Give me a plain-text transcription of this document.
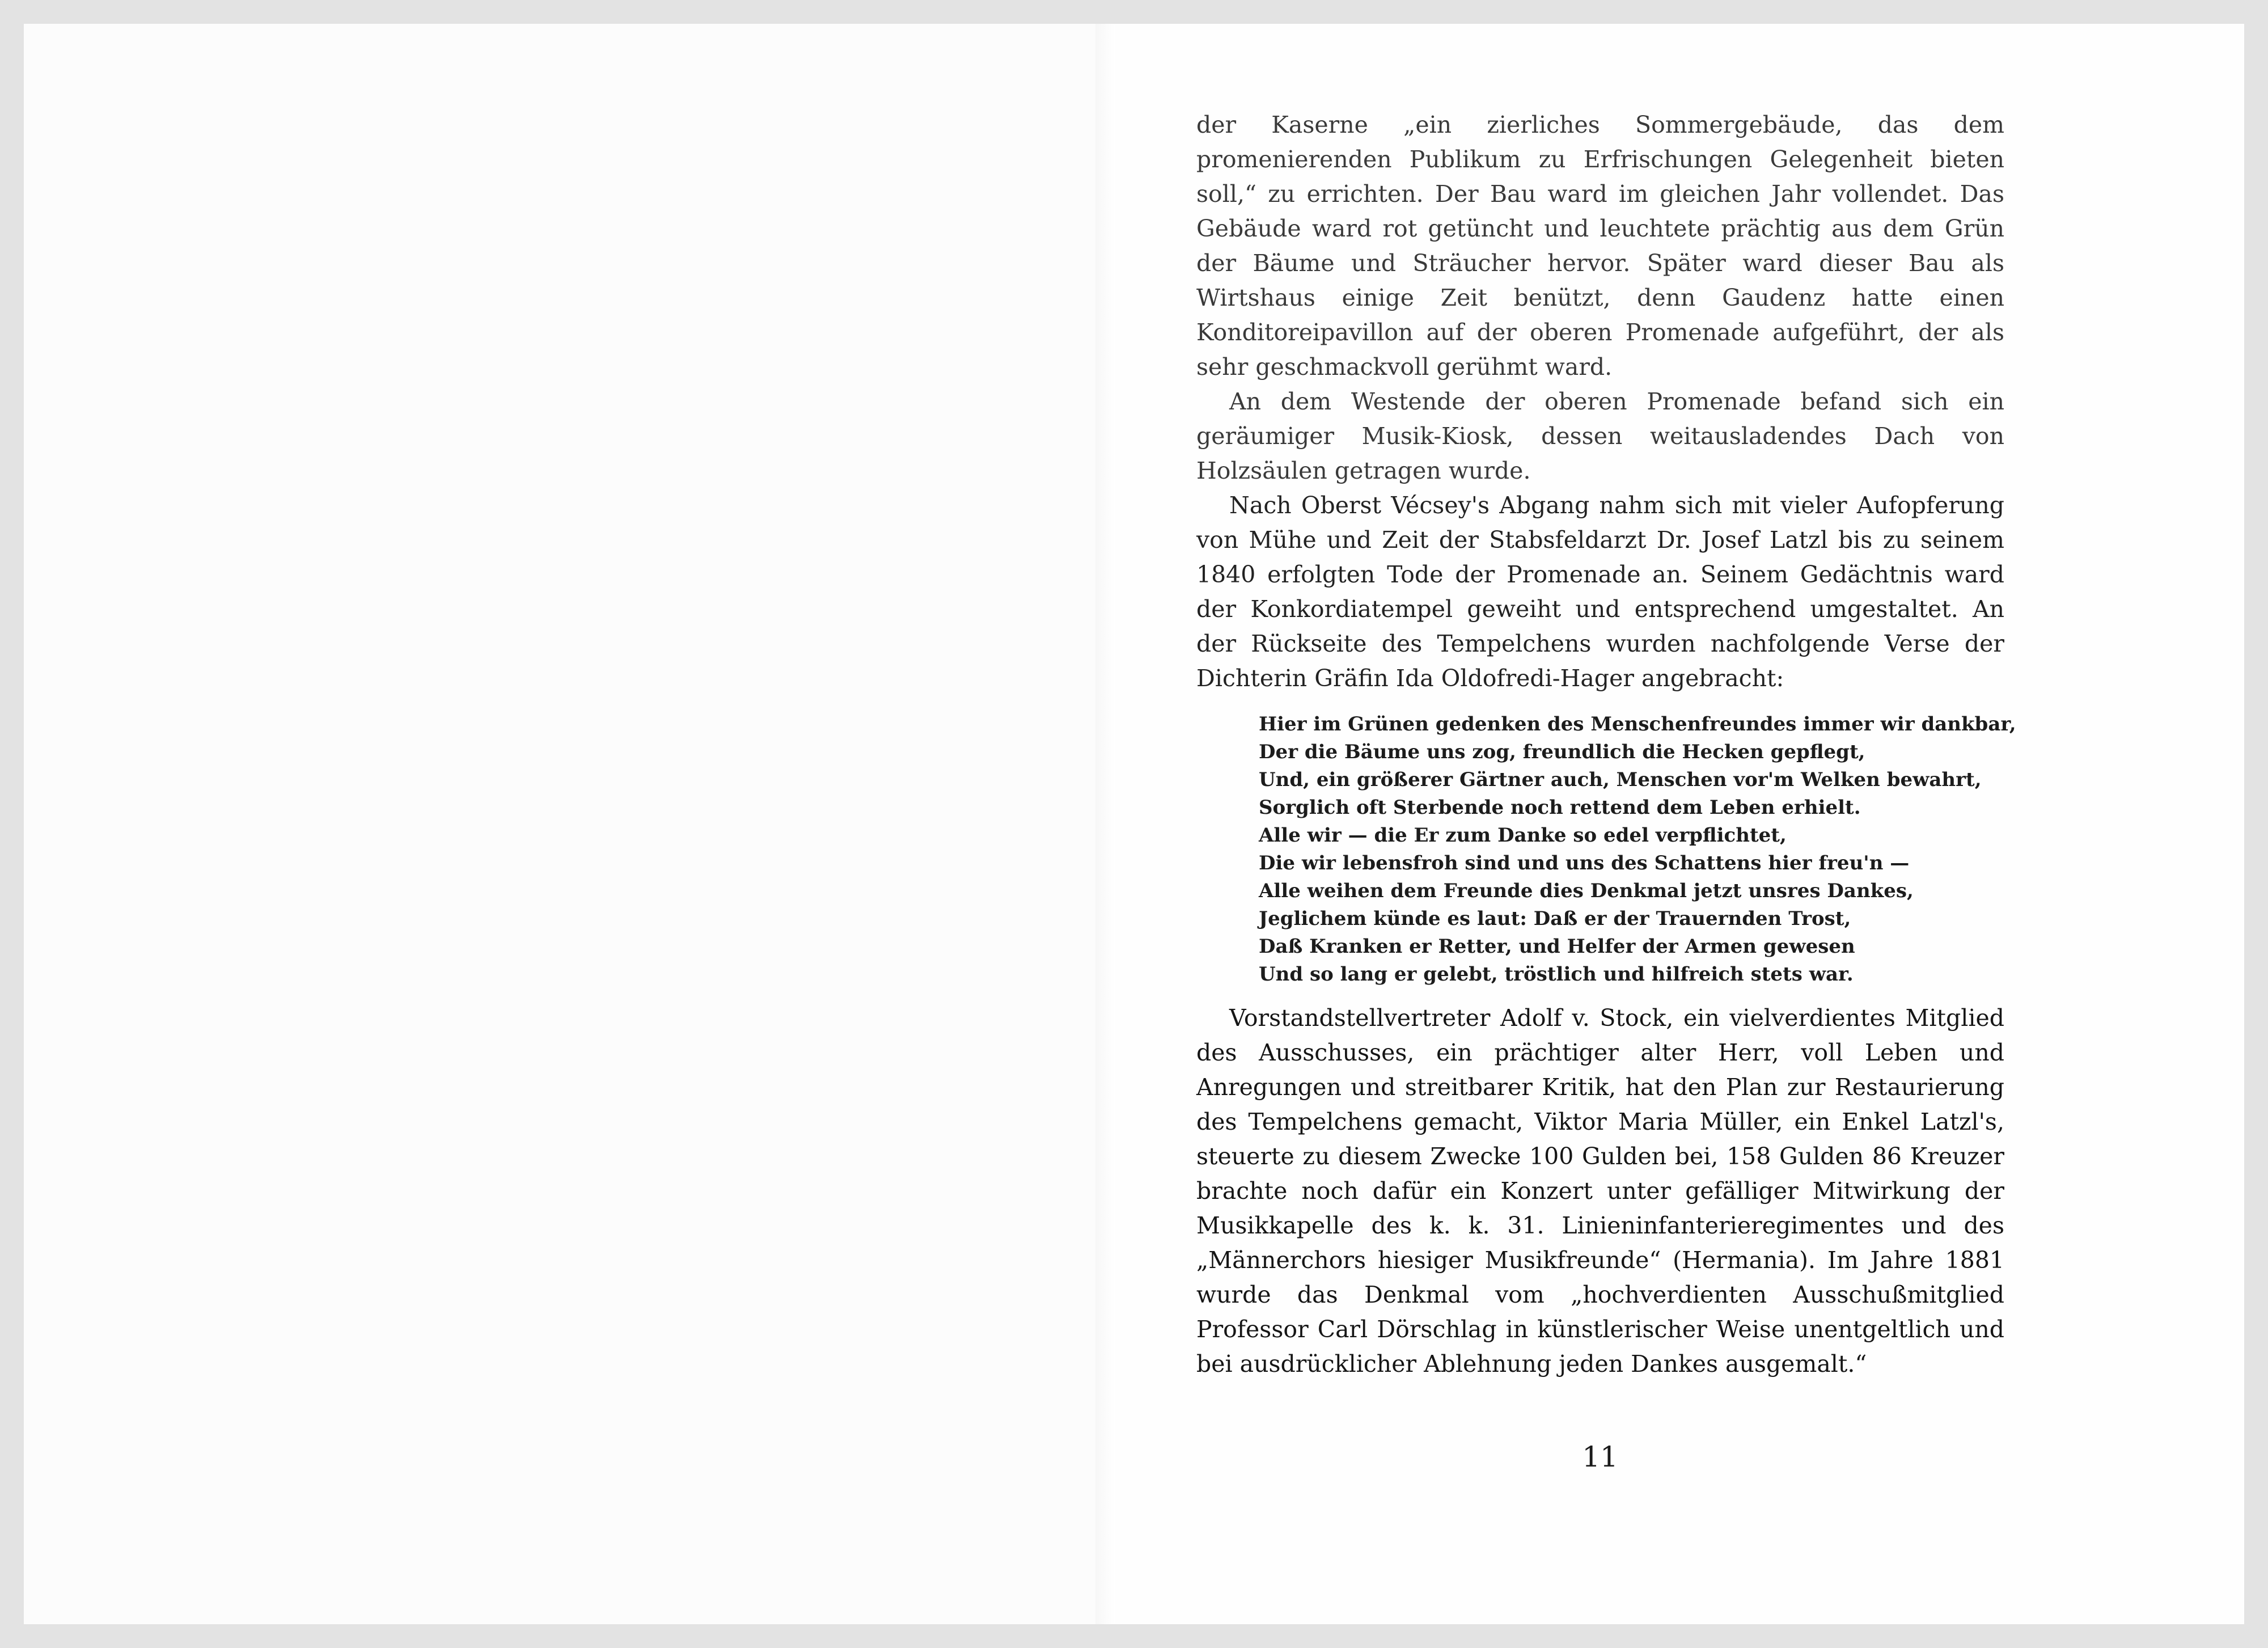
der Kaserne „ein zierliches Sommergebäude, das dem promenierenden Publikum zu Erfrischungen Gelegenheit bieten soll,“ zu errichten. Der Bau ward im gleichen Jahr vollendet. Das Gebäude ward rot getüncht und leuchtete prächtig aus dem Grün der Bäume und Sträucher hervor. Später ward dieser Bau als Wirtshaus einige Zeit benützt, denn Gaudenz hatte einen Konditoreipavillon auf der oberen Promenade aufgeführt, der als sehr geschmackvoll gerühmt ward.

An dem Westende der oberen Promenade befand sich ein geräumiger Musik-Kiosk, dessen weitausladendes Dach von Holzsäulen getragen wurde.

Nach Oberst Vécsey's Abgang nahm sich mit vieler Aufopferung von Mühe und Zeit der Stabsfeldarzt Dr. Josef Latzl bis zu seinem 1840 erfolgten Tode der Promenade an. Seinem Gedächtnis ward der Konkordiatempel geweiht und entsprechend umgestaltet. An der Rückseite des Tempelchens wurden nachfolgende Verse der Dichterin Gräfin Ida Oldofredi-Hager angebracht:

Hier im Grünen gedenken des Menschenfreundes immer wir dankbar,
Der die Bäume uns zog, freundlich die Hecken gepflegt,
Und, ein größerer Gärtner auch, Menschen vor'm Welken bewahrt,
Sorglich oft Sterbende noch rettend dem Leben erhielt.
Alle wir — die Er zum Danke so edel verpflichtet,
Die wir lebensfroh sind und uns des Schattens hier freu'n —
Alle weihen dem Freunde dies Denkmal jetzt unsres Dankes,
Jeglichem künde es laut: Daß er der Trauernden Trost,
Daß Kranken er Retter, und Helfer der Armen gewesen
Und so lang er gelebt, tröstlich und hilfreich stets war.

Vorstandstellvertreter Adolf v. Stock, ein vielverdientes Mitglied des Ausschusses, ein prächtiger alter Herr, voll Leben und Anregungen und streitbarer Kritik, hat den Plan zur Restaurierung des Tempelchens gemacht, Viktor Maria Müller, ein Enkel Latzl's, steuerte zu diesem Zwecke 100 Gulden bei, 158 Gulden 86 Kreuzer brachte noch dafür ein Konzert unter gefälliger Mitwirkung der Musikkapelle des k. k. 31. Linieninfanterieregimentes und des „Männerchors hiesiger Musikfreunde“ (Hermania). Im Jahre 1881 wurde das Denkmal vom „hochverdienten Ausschußmitglied Professor Carl Dörschlag in künstlerischer Weise unentgeltlich und bei ausdrücklicher Ablehnung jeden Dankes ausgemalt.“

11
